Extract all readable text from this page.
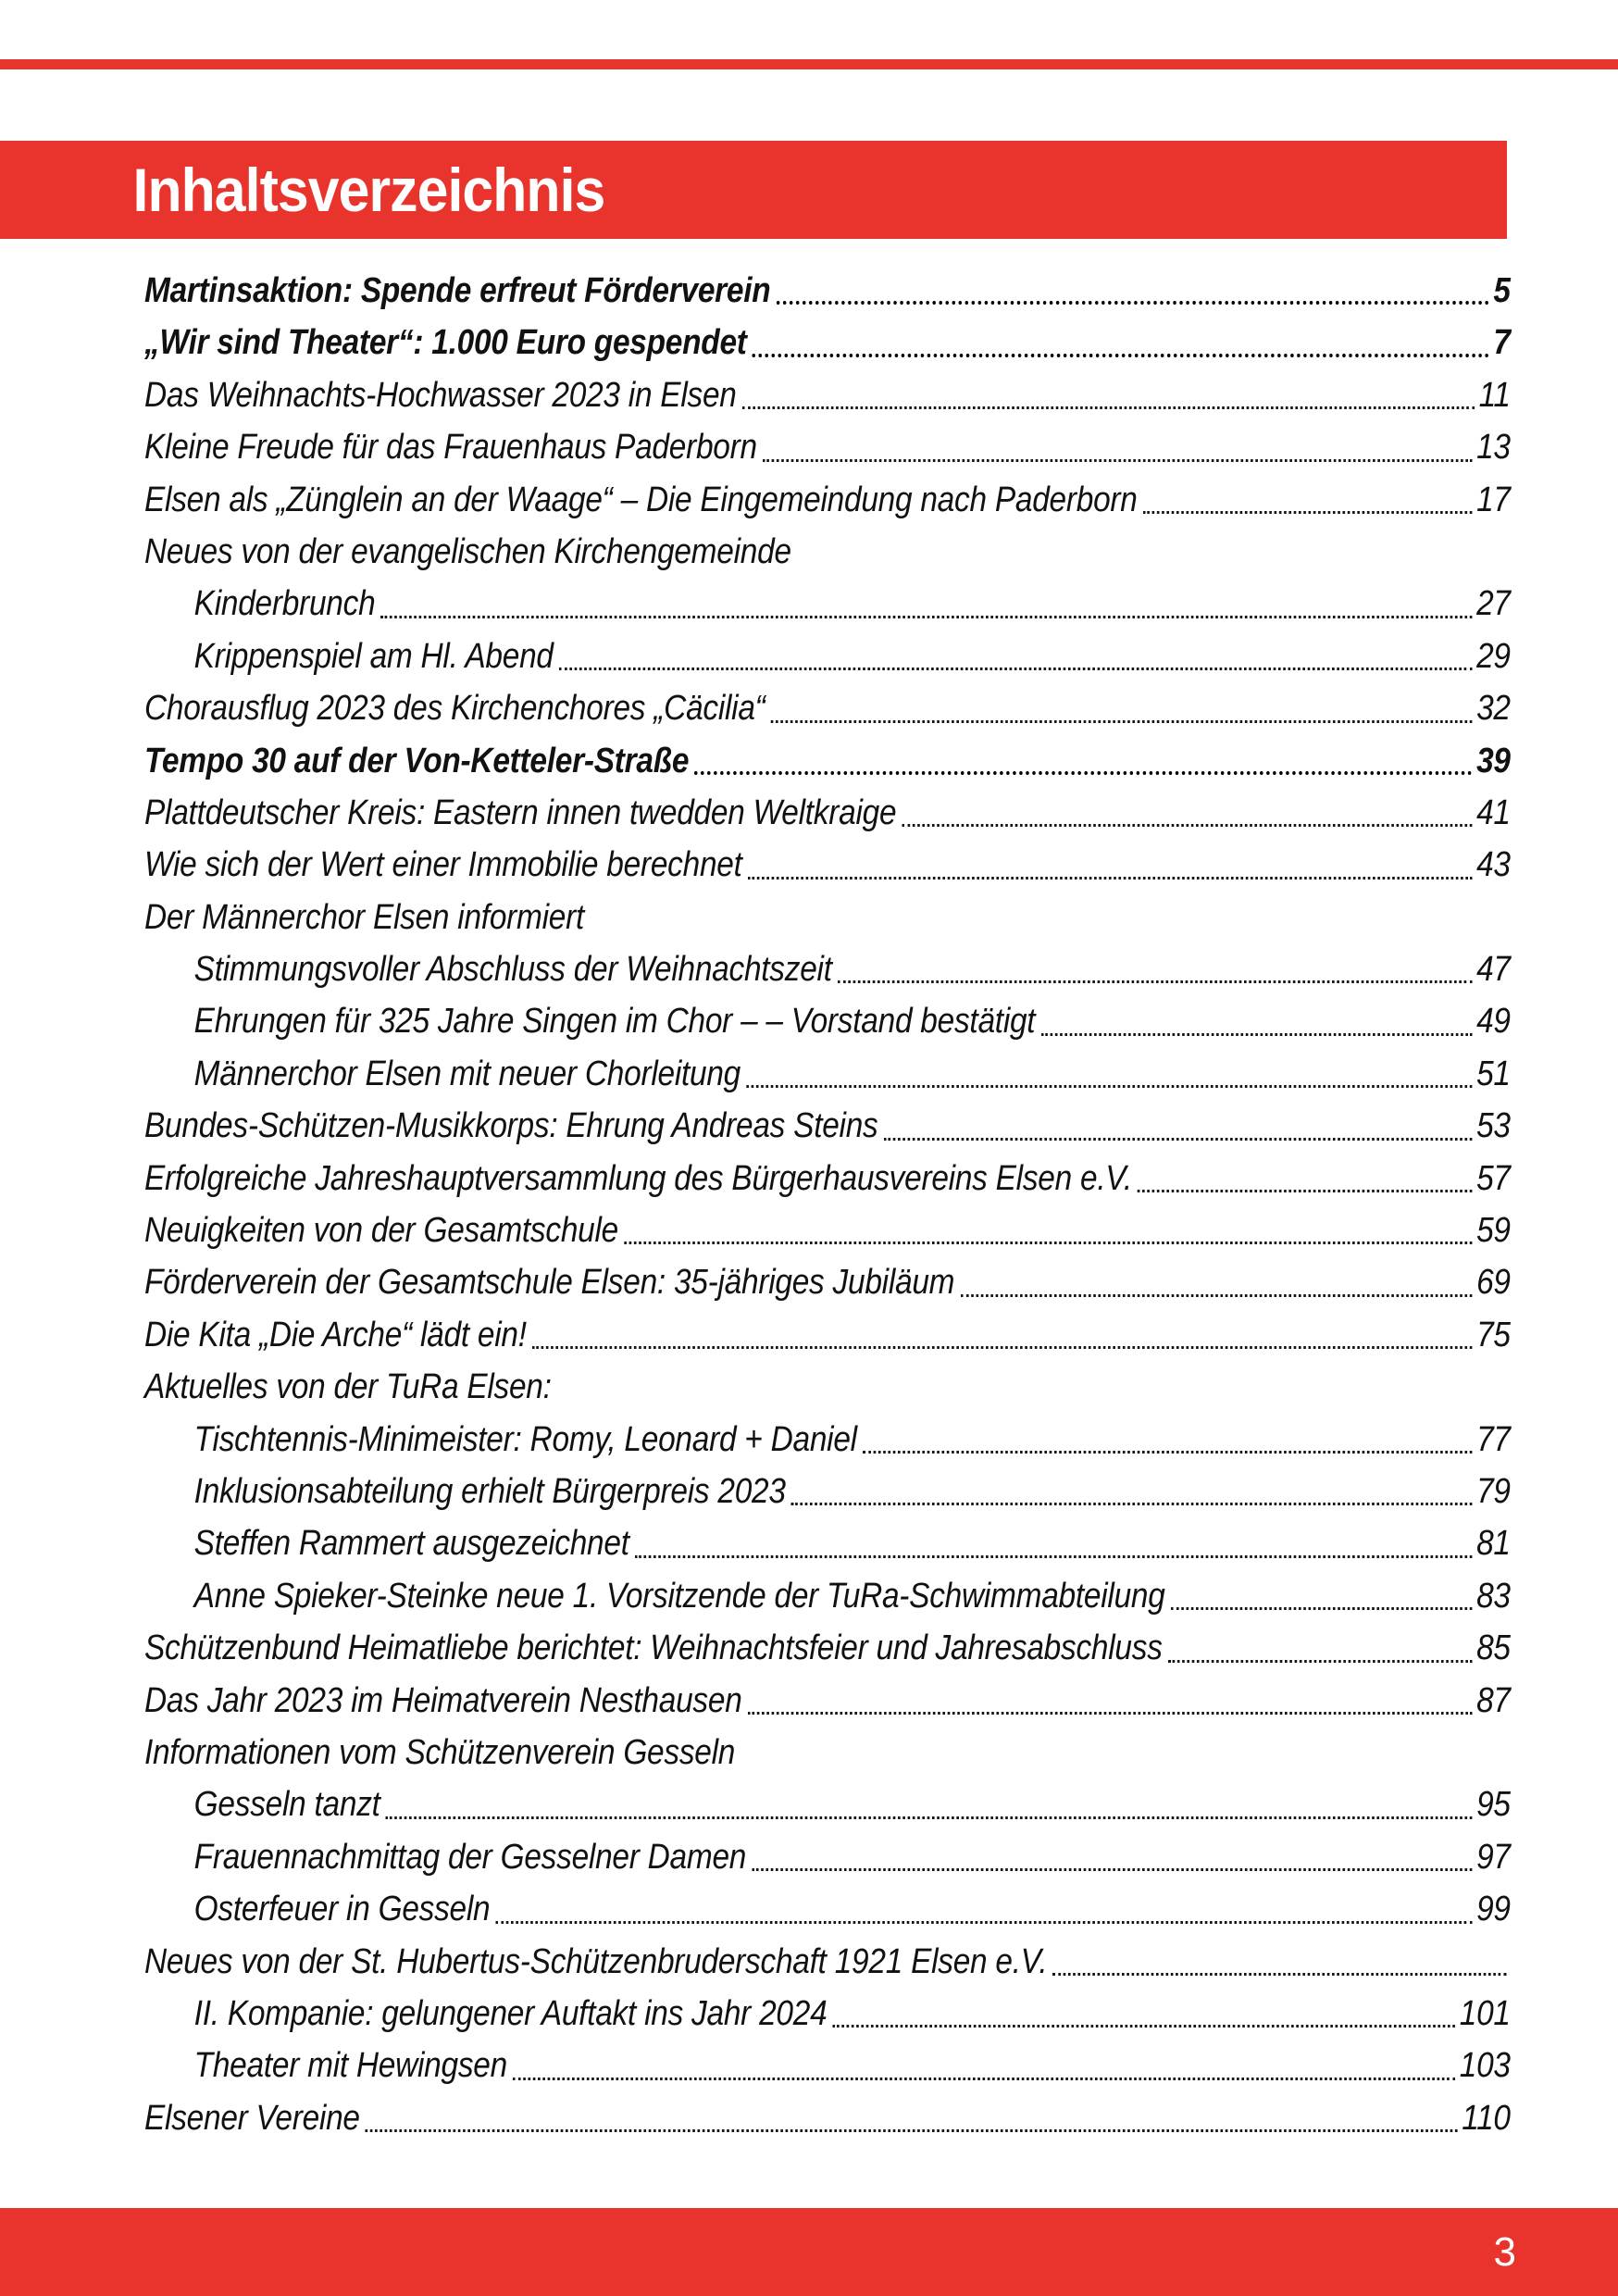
Inhaltsverzeichnis
Martinsaktion: Spende erfreut Förderverein	5
„Wir sind Theater“: 1.000 Euro gespendet	7
Das Weihnachts-Hochwasser 2023 in Elsen	11
Kleine Freude für das Frauenhaus Paderborn	13
Elsen als „Zünglein an der Waage“ – Die Eingemeindung nach Paderborn	17
Neues von der evangelischen Kirchengemeinde
Kinderbrunch	27
Krippenspiel am Hl. Abend	29
Chorausflug 2023 des Kirchenchores „Cäcilia“	32
Tempo 30 auf der Von-Ketteler-Straße	39
Plattdeutscher Kreis: Eastern innen twedden Weltkraige	41
Wie sich der Wert einer Immobilie berechnet	43
Der Männerchor Elsen informiert
Stimmungsvoller Abschluss der Weihnachtszeit	47
Ehrungen für 325 Jahre Singen im Chor – – Vorstand bestätigt	49
Männerchor Elsen mit neuer Chorleitung	51
Bundes-Schützen-Musikkorps: Ehrung Andreas Steins	53
Erfolgreiche Jahreshauptversammlung des Bürgerhausvereins Elsen e.V.	57
Neuigkeiten von der Gesamtschule	59
Förderverein der Gesamtschule Elsen: 35-jähriges Jubiläum	69
Die Kita „Die Arche“ lädt ein!	75
Aktuelles von der TuRa Elsen:
Tischtennis-Minimeister: Romy, Leonard + Daniel	77
Inklusionsabteilung erhielt Bürgerpreis 2023	79
Steffen Rammert ausgezeichnet	81
Anne Spieker-Steinke neue 1. Vorsitzende der TuRa-Schwimmabteilung	83
Schützenbund Heimatliebe berichtet: Weihnachtsfeier und Jahresabschluss	85
Das Jahr 2023 im Heimatverein Nesthausen	87
Informationen vom Schützenverein Gesseln
Gesseln tanzt	95
Frauennachmittag der Gesselner Damen	97
Osterfeuer in Gesseln	99
Neues von der St. Hubertus-Schützenbruderschaft 1921 Elsen e.V.
II. Kompanie: gelungener Auftakt ins Jahr 2024	101
Theater mit Hewingsen	103
Elsener Vereine	110
3
